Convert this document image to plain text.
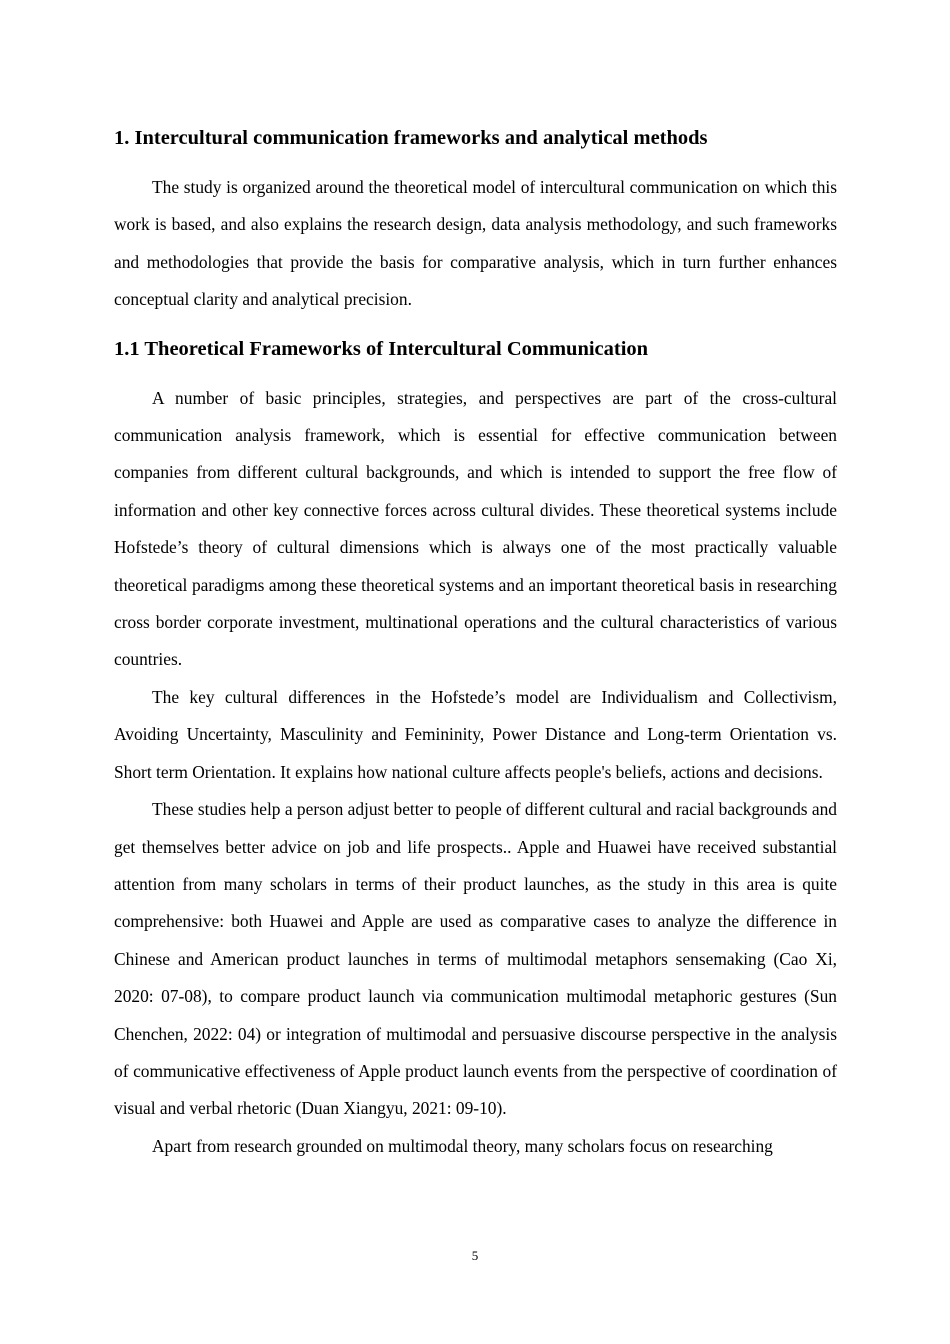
1. Intercultural communication frameworks and analytical methods

The study is organized around the theoretical model of intercultural communication on which this work is based, and also explains the research design, data analysis methodology, and such frameworks and methodologies that provide the basis for comparative analysis, which in turn further enhances conceptual clarity and analytical precision.

1.1 Theoretical Frameworks of Intercultural Communication

A number of basic principles, strategies, and perspectives are part of the cross-cultural communication analysis framework, which is essential for effective communication between companies from different cultural backgrounds, and which is intended to support the free flow of information and other key connective forces across cultural divides. These theoretical systems include Hofstede’s theory of cultural dimensions which is always one of the most practically valuable theoretical paradigms among these theoretical systems and an important theoretical basis in researching cross border corporate investment, multinational operations and the cultural characteristics of various countries.

The key cultural differences in the Hofstede’s model are Individualism and Collectivism, Avoiding Uncertainty, Masculinity and Femininity, Power Distance and Long-term Orientation vs. Short term Orientation. It explains how national culture affects people's beliefs, actions and decisions.

These studies help a person adjust better to people of different cultural and racial backgrounds and get themselves better advice on job and life prospects.. Apple and Huawei have received substantial attention from many scholars in terms of their product launches, as the study in this area is quite comprehensive: both Huawei and Apple are used as comparative cases to analyze the difference in Chinese and American product launches in terms of multimodal metaphors sensemaking (Cao Xi, 2020: 07-08), to compare product launch via communication multimodal metaphoric gestures (Sun Chenchen, 2022: 04) or integration of multimodal and persuasive discourse perspective in the analysis of communicative effectiveness of Apple product launch events from the perspective of coordination of visual and verbal rhetoric (Duan Xiangyu, 2021: 09-10).

Apart from research grounded on multimodal theory, many scholars focus on researching

5
